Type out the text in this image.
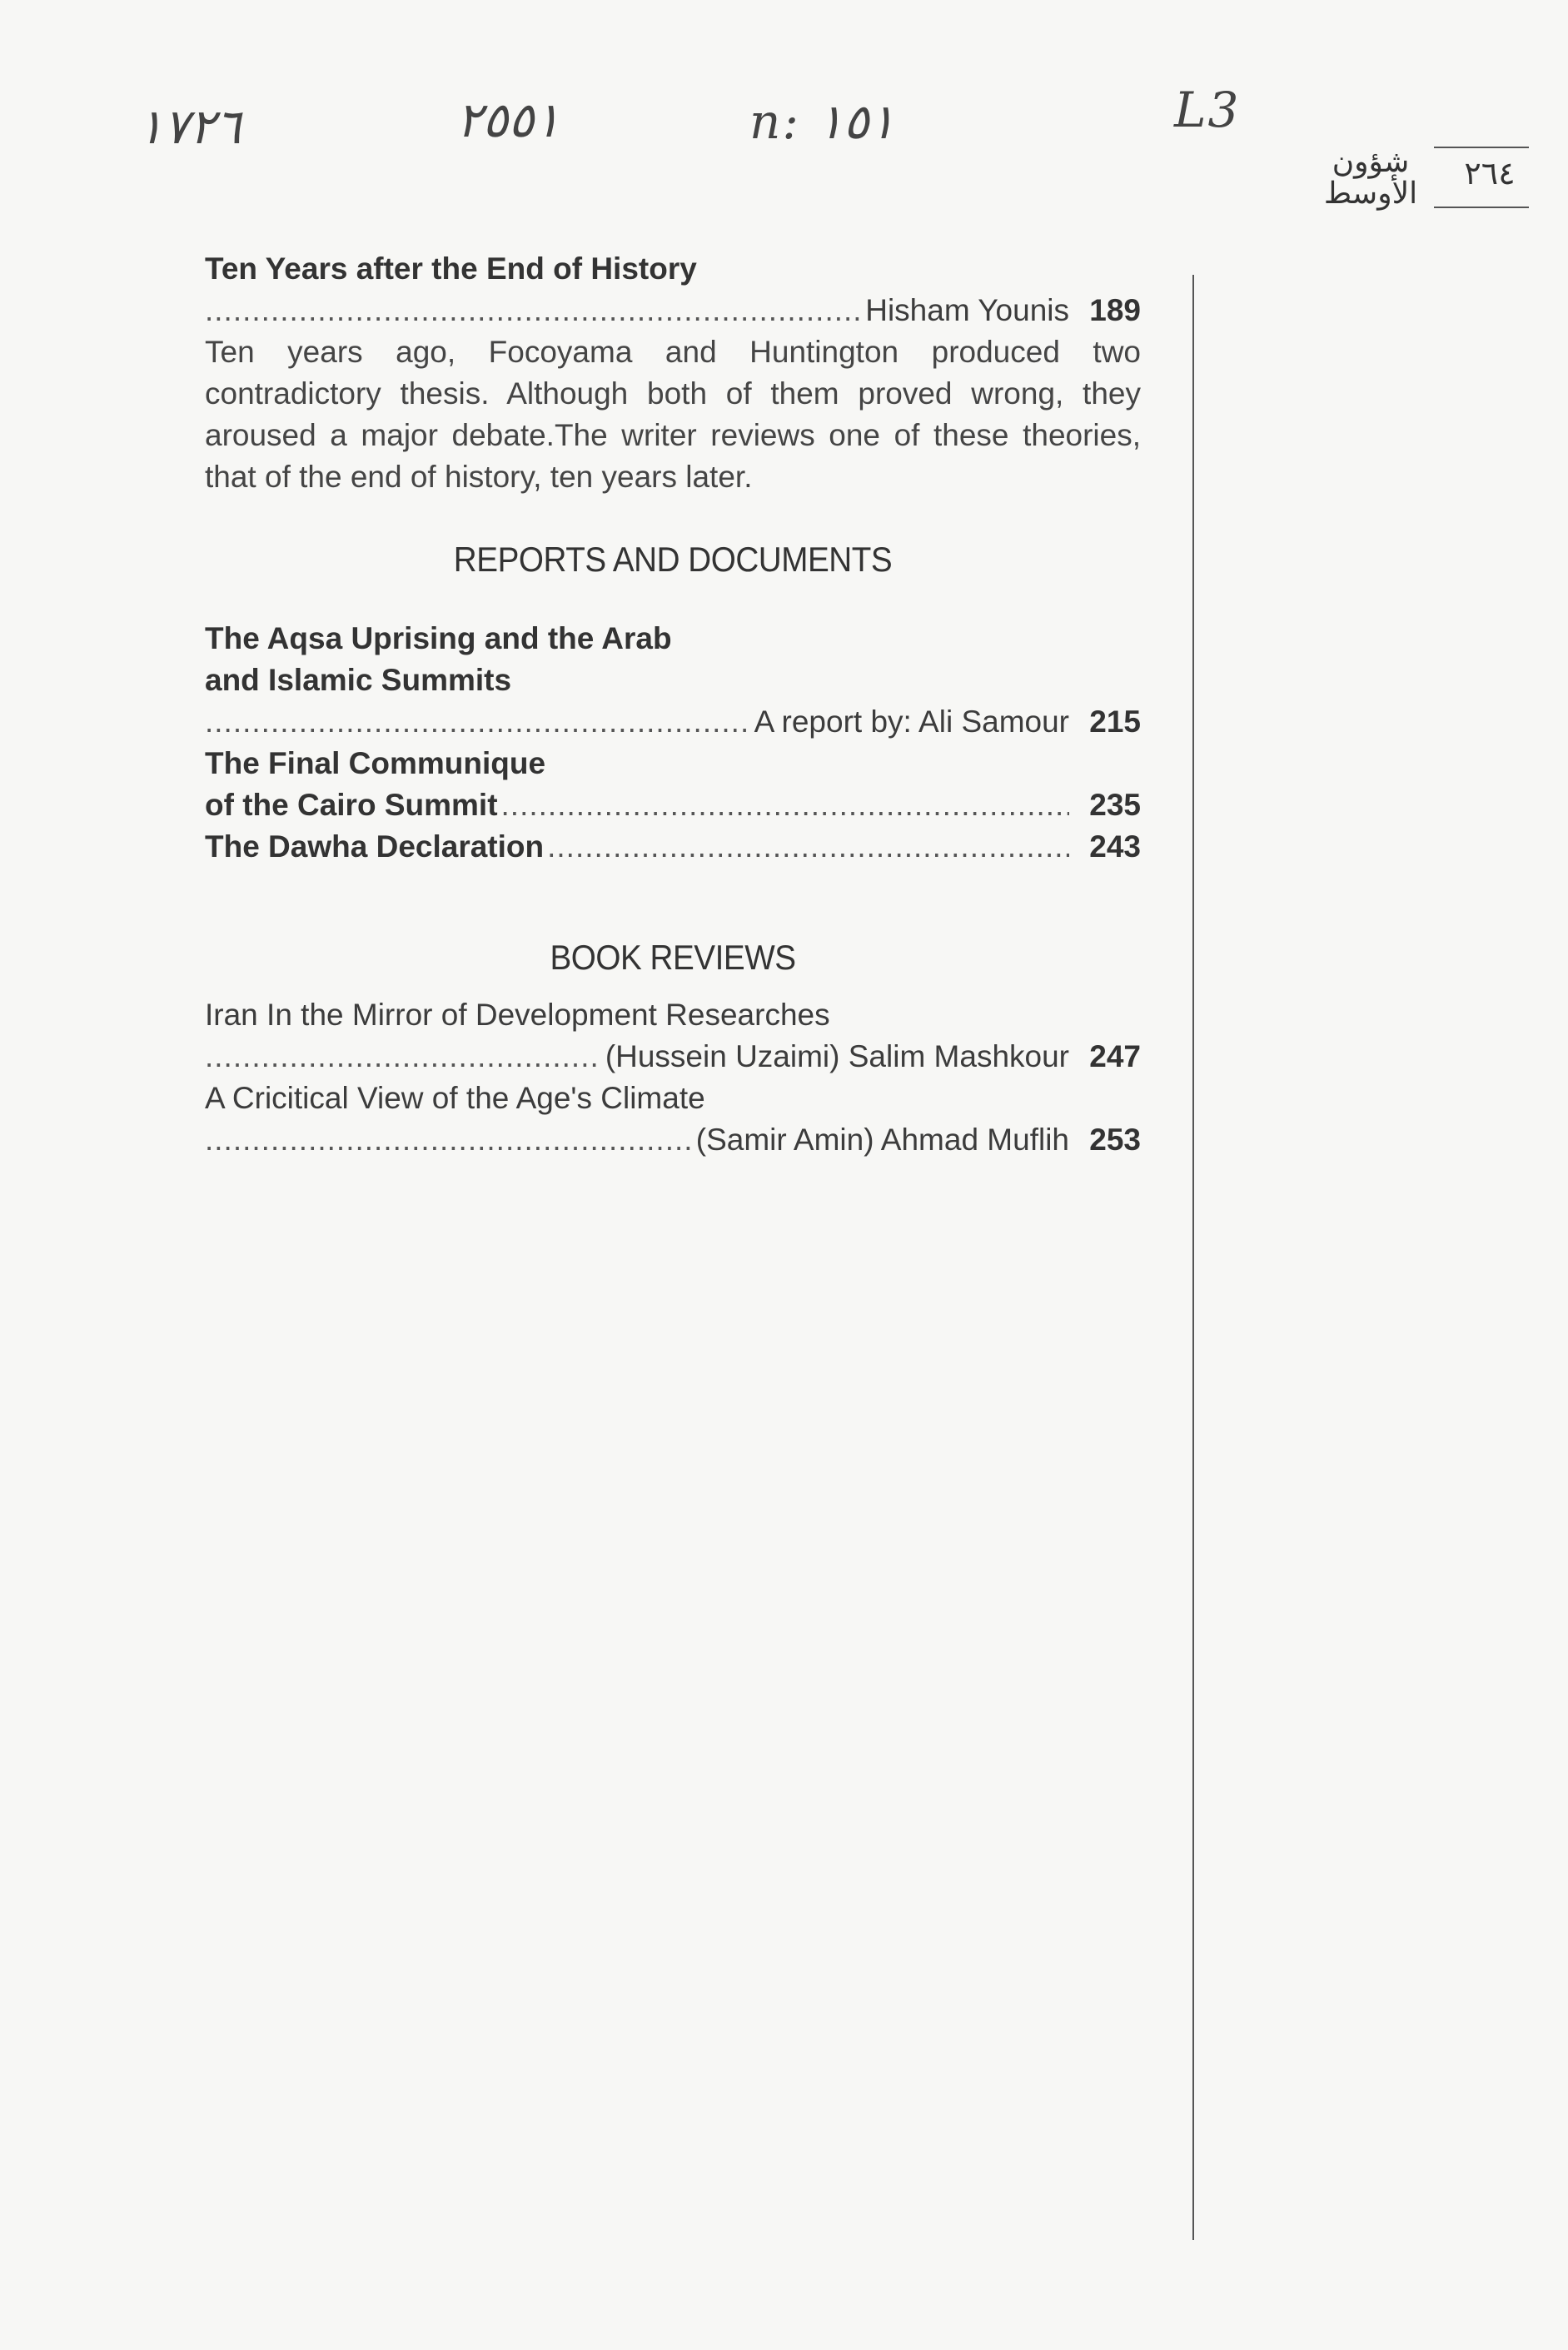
١٧٢٦	٢٥٥١	n: ١٥١	L3
شؤون الأوسط
٢٦٤
Ten Years after the End of History
.....
Hisham Younis 189

Ten years ago, Focoyama and Huntington produced two contradictory thesis. Although both of them proved wrong, they aroused a major debate.The writer reviews one of these theories, that of the end of history, ten years later.

REPORTS AND DOCUMENTS
The Aqsa Uprising and the Arab
and Islamic Summits
.....
A report by: Ali Samour 215
The Final Communique
of the Cairo Summit .....	235
The Dawha Declaration .....	243
BOOK REVIEWS
Iran In the Mirror of Development Researches
.....
(Hussein Uzaimi) Salim Mashkour 247
A Cricitical View of the Age's Climate
.....
(Samir Amin) Ahmad Muflih 253
